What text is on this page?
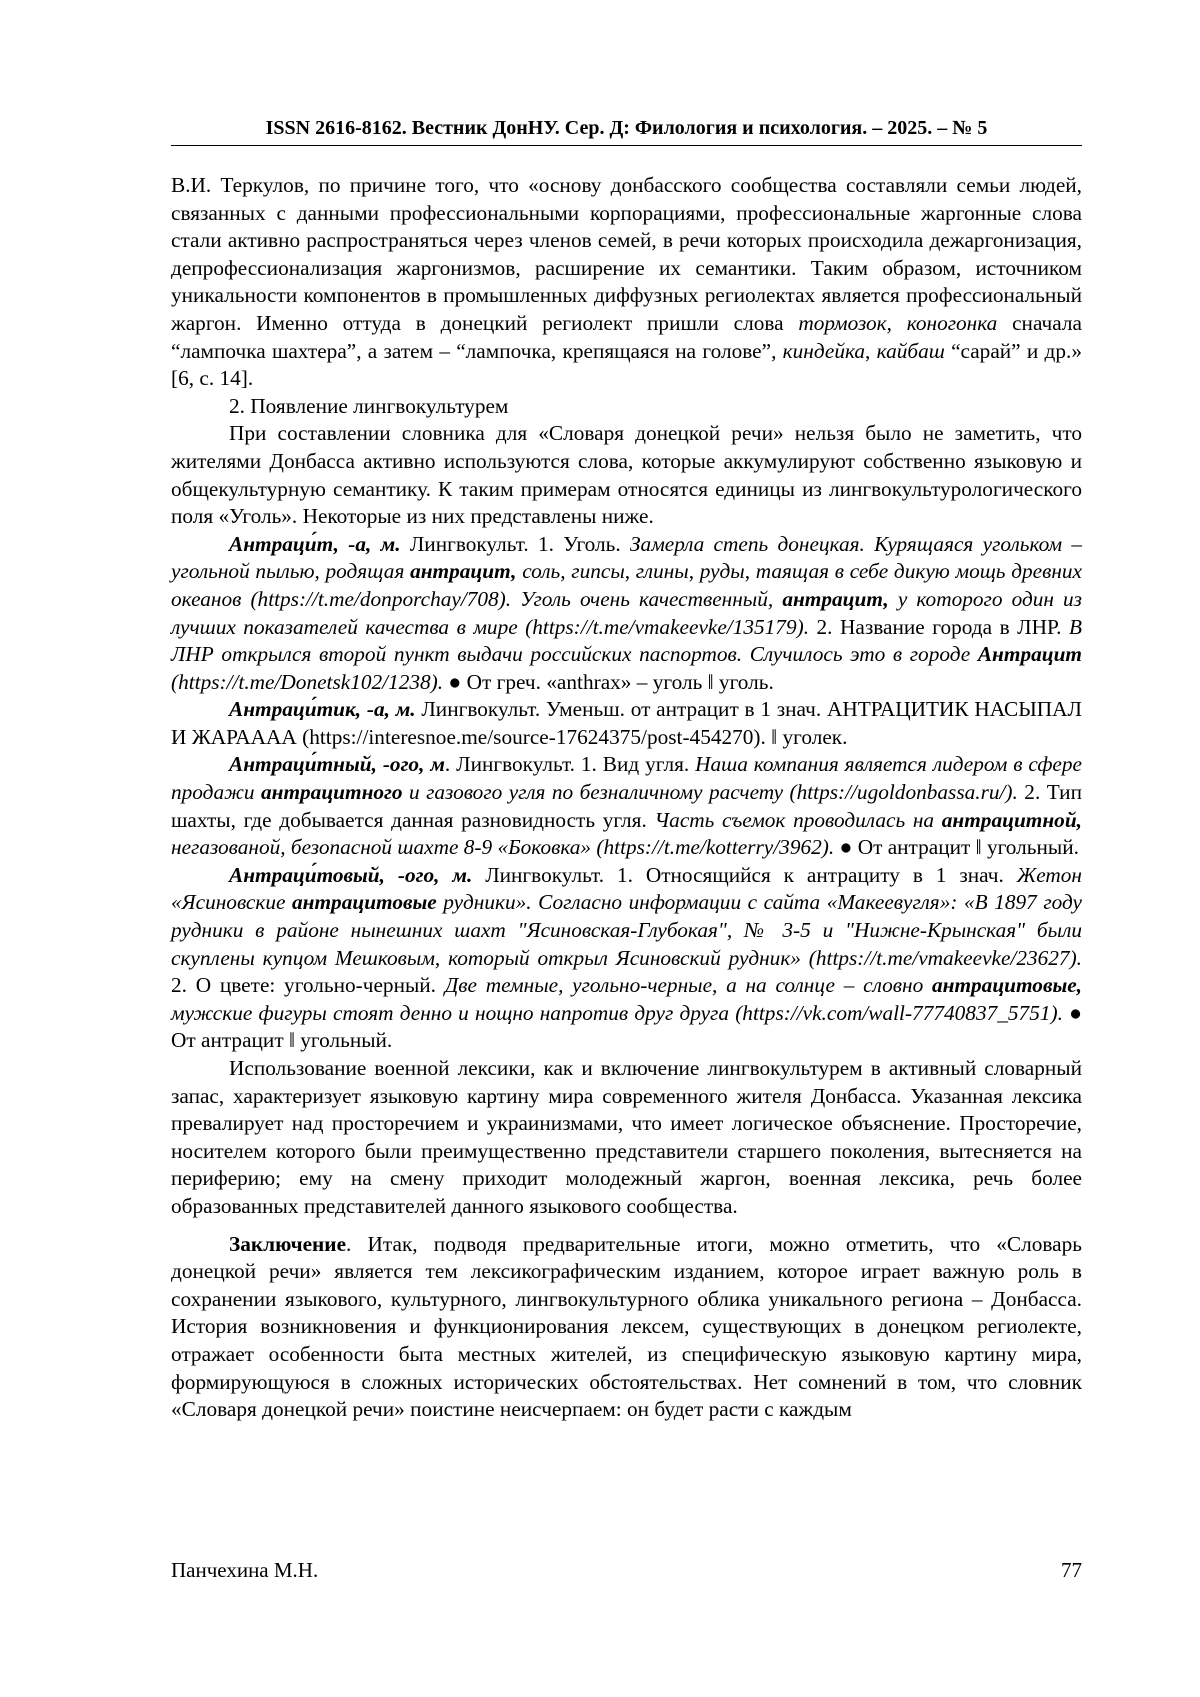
ISSN 2616-8162. Вестник ДонНУ. Сер. Д: Филология и психология. – 2025. – № 5

В.И. Теркулов, по причине того, что «основу донбасского сообщества составляли семьи людей, связанных с данными профессиональными корпорациями, профессиональные жаргонные слова стали активно распространяться через членов семей, в речи которых происходила дежаргонизация, депрофессионализация жаргонизмов, расширение их семантики. Таким образом, источником уникальности компонентов в промышленных диффузных региолектах является профессиональный жаргон. Именно оттуда в донецкий региолект пришли слова тормозок, коногонка сначала “лампочка шахтера”, а затем – “лампочка, крепящаяся на голове”, киндейка, кайбаш “сарай” и др.» [6, с. 14].

2. Появление лингвокультурем

При составлении словника для «Словаря донецкой речи» нельзя было не заметить, что жителями Донбасса активно используются слова, которые аккумулируют собственно языковую и общекультурную семантику. К таким примерам относятся единицы из лингвокультурологического поля «Уголь». Некоторые из них представлены ниже.

Антраци́т, -а, м. Лингвокульт. 1. Уголь. Замерла степь донецкая. Курящаяся угольком – угольной пылью, родящая антрацит, соль, гипсы, глины, руды, таящая в себе дикую мощь древних океанов (https://t.me/donporchay/708). Уголь очень качественный, антрацит, у которого один из лучших показателей качества в мире (https://t.me/vmakeevke/135179). 2. Название города в ЛНР. В ЛНР открылся второй пункт выдачи российских паспортов. Случилось это в городе Антрацит (https://t.me/Donetsk102/1238). ● От греч. «anthrax» – уголь ‖ уголь.

Антраци́тик, -а, м. Лингвокульт. Уменьш. от антрацит в 1 знач. АНТРАЦИТИК НАСЫПАЛ И ЖАРАААА (https://interesnoe.me/source-17624375/post-454270). ‖ уголек.

Антраци́тный, -ого, м. Лингвокульт. 1. Вид угля. Наша компания является лидером в сфере продажи антрацитного и газового угля по безналичному расчету (https://ugoldonbassa.ru/). 2. Тип шахты, где добывается данная разновидность угля. Часть съемок проводилась на антрацитной, негазованой, безопасной шахте 8-9 «Боковка» (https://t.me/kotterry/3962). ● От антрацит ‖ угольный.

Антраци́товый, -ого, м. Лингвокульт. 1. Относящийся к антрациту в 1 знач. Жетон «Ясиновские антрацитовые рудники». Согласно информации с сайта «Макеевугля»: «В 1897 году рудники в районе нынешних шахт "Ясиновская-Глубокая", № 3-5 и "Нижне-Крынская" были скуплены купцом Мешковым, который открыл Ясиновский рудник» (https://t.me/vmakeevke/23627). 2. О цвете: угольно-черный. Две темные, угольно-черные, а на солнце – словно антрацитовые, мужские фигуры стоят денно и нощно напротив друг друга (https://vk.com/wall-77740837_5751). ● От антрацит ‖ угольный.

Использование военной лексики, как и включение лингвокультурем в активный словарный запас, характеризует языковую картину мира современного жителя Донбасса. Указанная лексика превалирует над просторечием и украинизмами, что имеет логическое объяснение. Просторечие, носителем которого были преимущественно представители старшего поколения, вытесняется на периферию; ему на смену приходит молодежный жаргон, военная лексика, речь более образованных представителей данного языкового сообщества.

Заключение. Итак, подводя предварительные итоги, можно отметить, что «Словарь донецкой речи» является тем лексикографическим изданием, которое играет важную роль в сохранении языкового, культурного, лингвокультурного облика уникального региона – Донбасса. История возникновения и функционирования лексем, существующих в донецком региолекте, отражает особенности быта местных жителей, из специфическую языковую картину мира, формирующуюся в сложных исторических обстоятельствах. Нет сомнений в том, что словник «Словаря донецкой речи» поистине неисчерпаем: он будет расти с каждым

Панчехина М.Н.	77
